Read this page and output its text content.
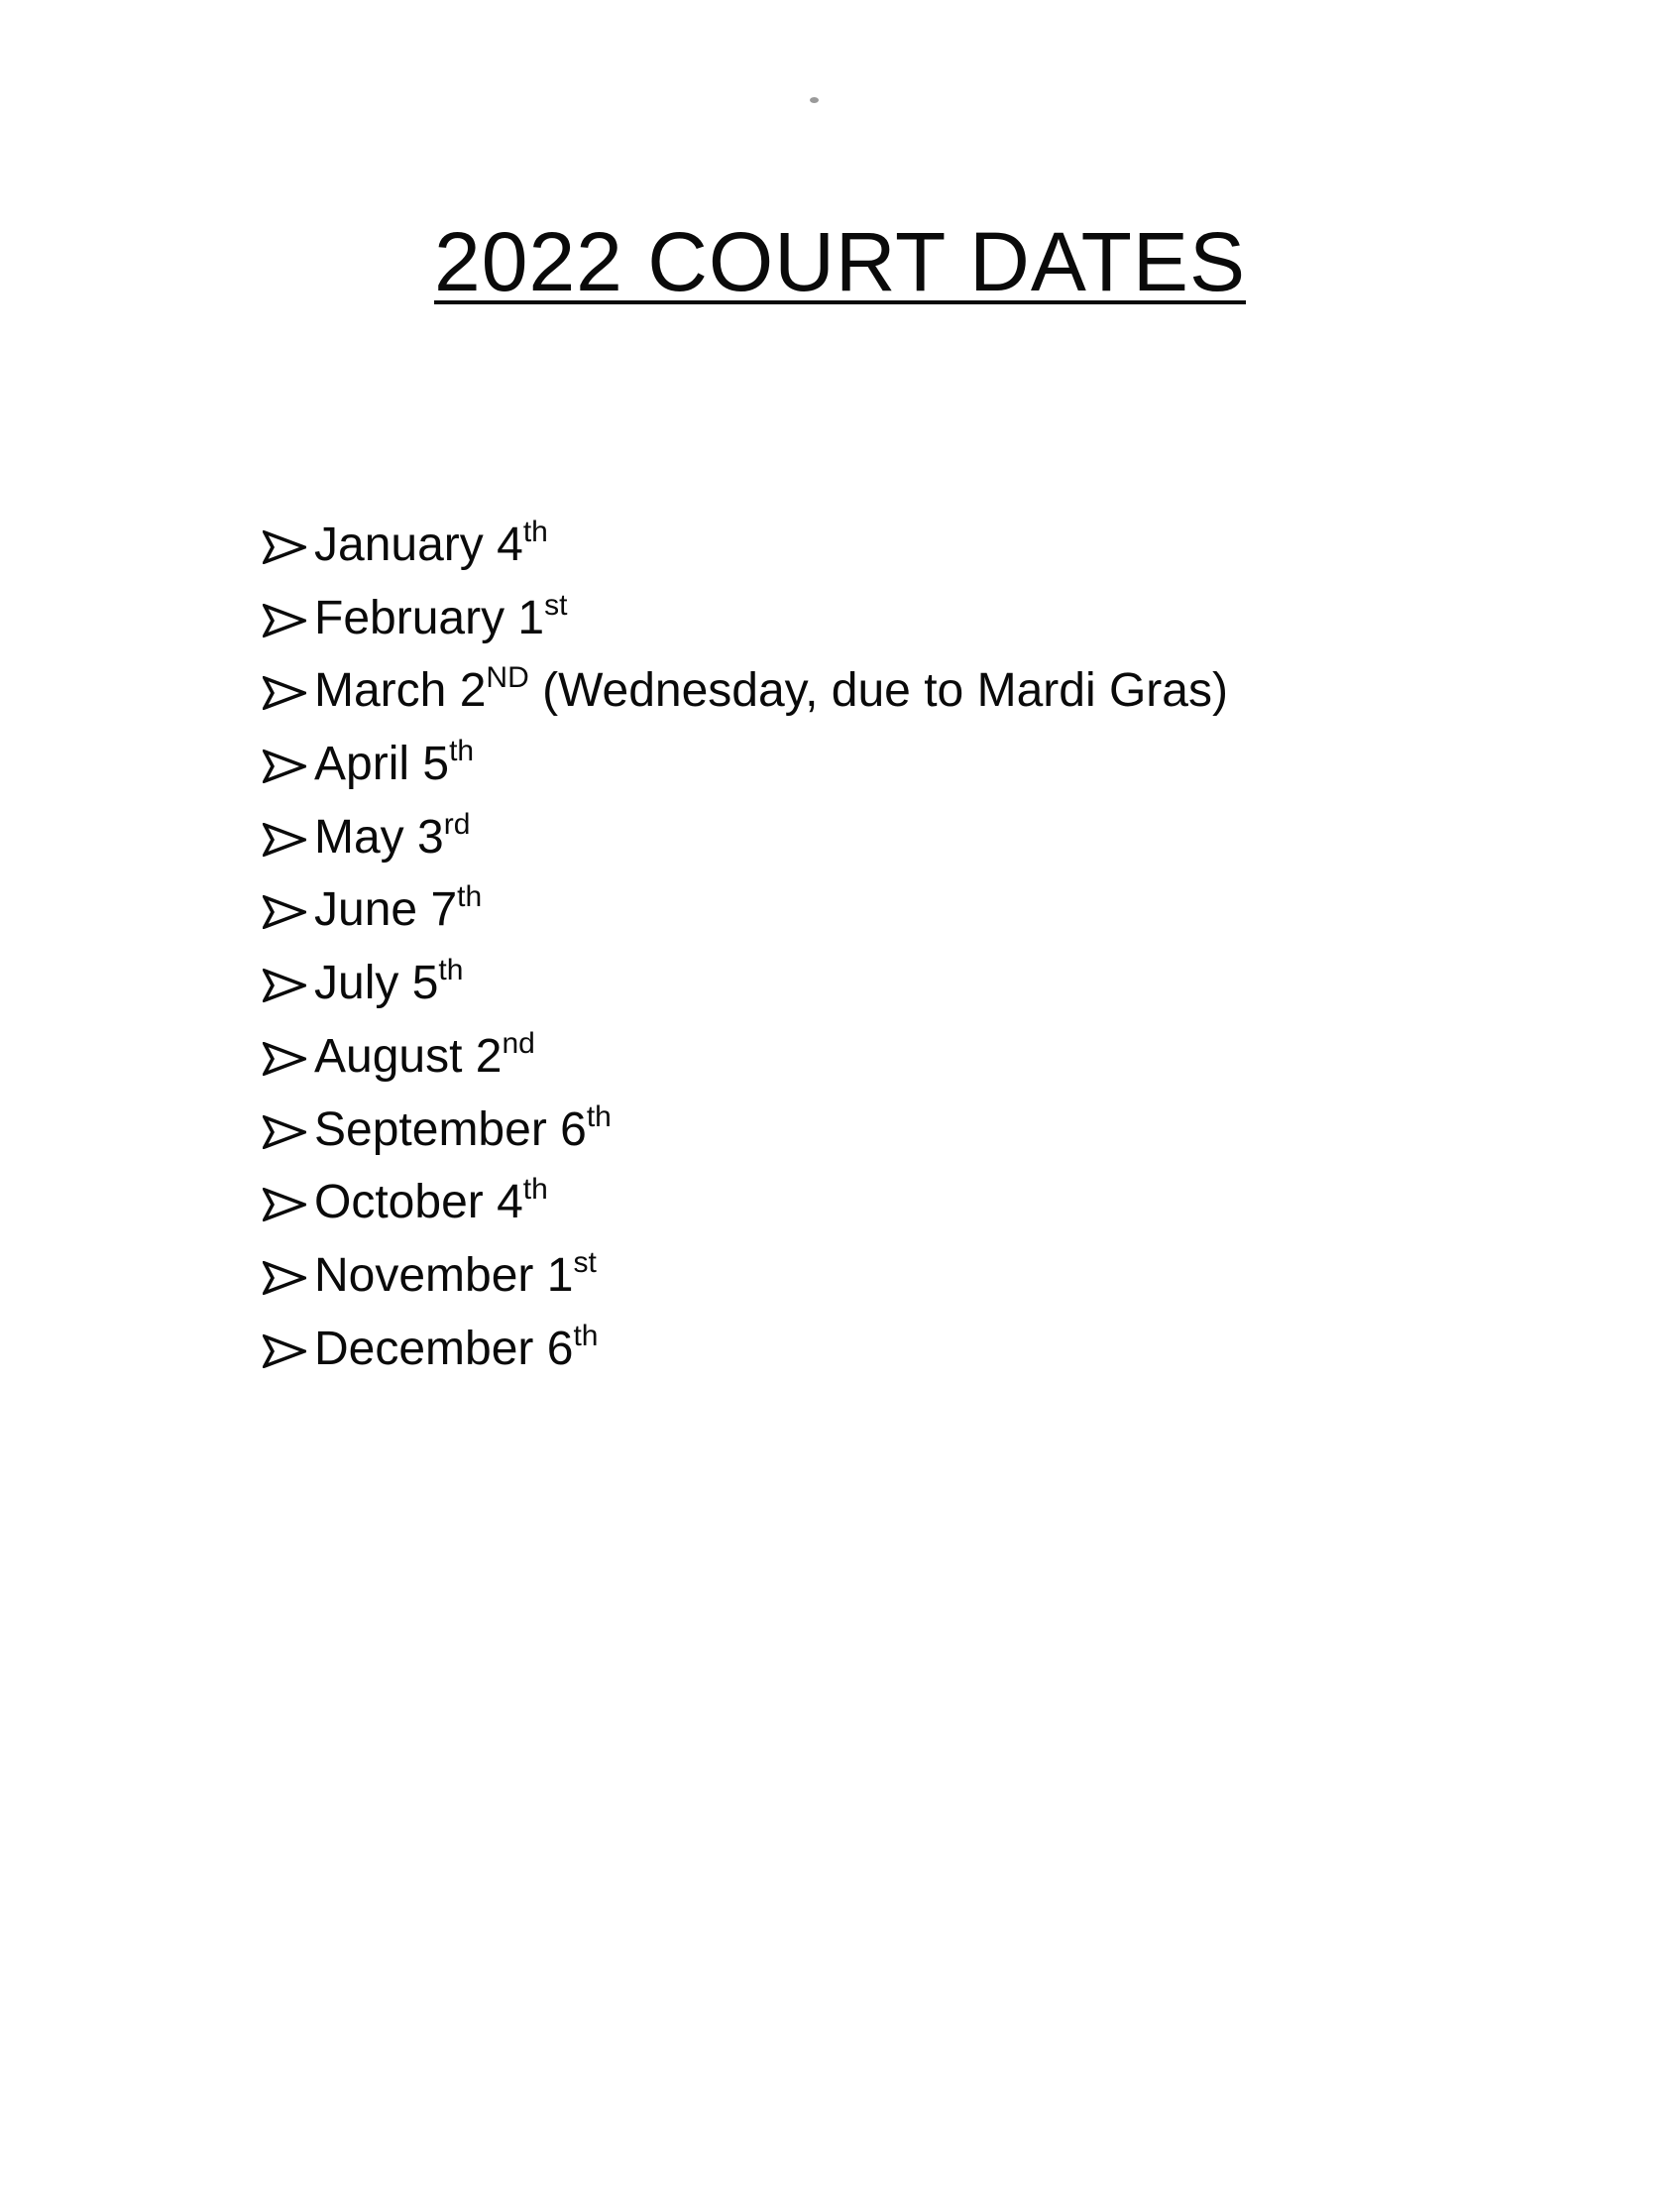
2022 COURT DATES
January 4th
February 1st
March 2ND (Wednesday, due to Mardi Gras)
April 5th
May 3rd
June 7th
July 5th
August 2nd
September 6th
October 4th
November 1st
December 6th
